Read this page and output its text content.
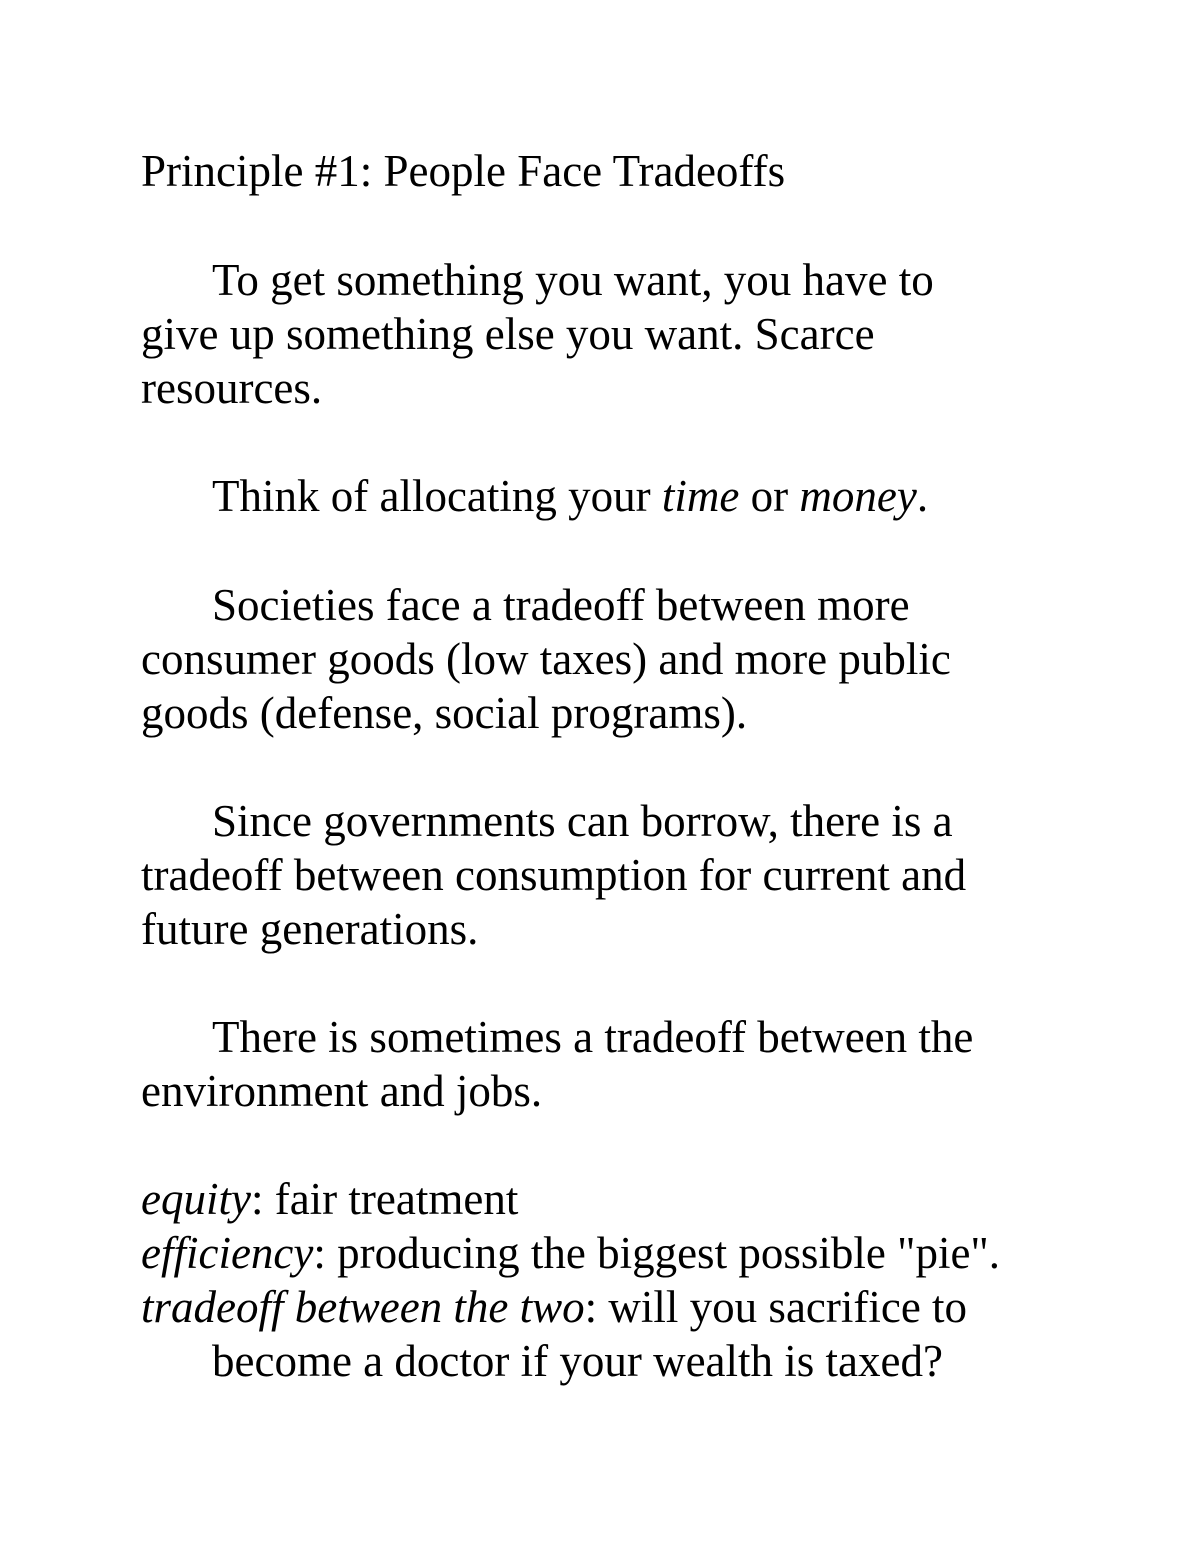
Principle #1: People Face Tradeoffs
To get something you want, you have to
give up something else you want. Scarce
resources.
Think of allocating your time or money.
Societies face a tradeoff between more
consumer goods (low taxes) and more public
goods (defense, social programs).
Since governments can borrow, there is a
tradeoff between consumption for current and
future generations.
There is sometimes a tradeoff between the
environment and jobs.
equity: fair treatment
efficiency: producing the biggest possible "pie".
tradeoff between the two: will you sacrifice to
become a doctor if your wealth is taxed?
